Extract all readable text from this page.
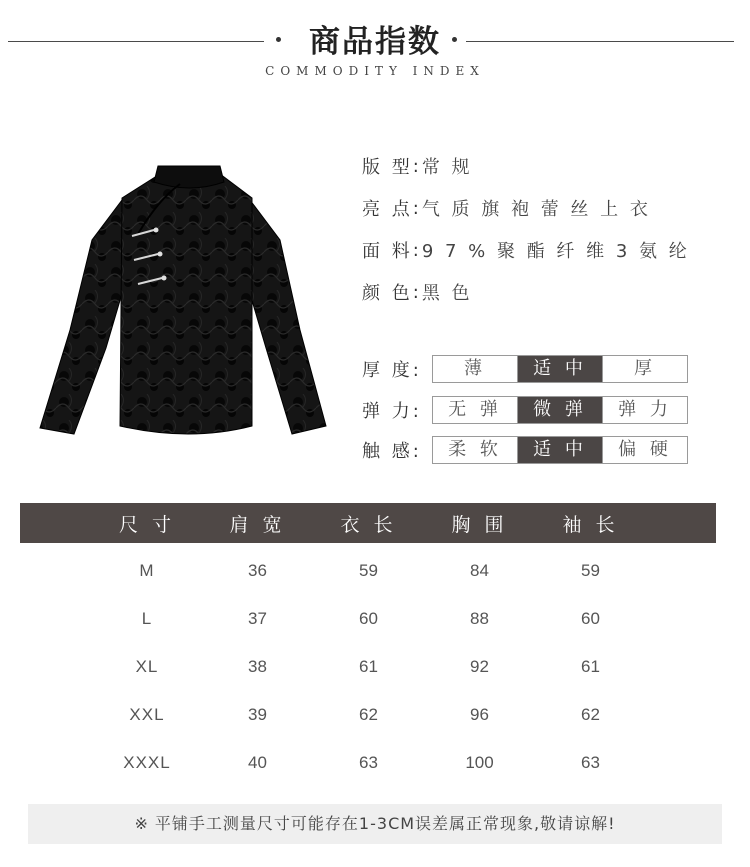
商品指数
COMMODITY INDEX
版 型 : 常 规
亮 点 : 气 质 旗 袍 蕾 丝 上 衣
面 料 : 9 7 % 聚 酯 纤 维 3 氨 纶
颜 色 : 黑 色
厚 度:	薄	适 中	厚
弹 力:	无 弹	微 弹	弹 力
触 感:	柔 软	适 中	偏 硬
尺 寸	肩 宽	衣 长	胸 围	袖 长
M	36	59	84	59
L	37	60	88	60
XL	38	61	92	61
XXL	39	62	96	62
XXXL	40	63	100	63
※ 平铺手工测量尺寸可能存在1-3CM误差属正常现象,敬请谅解!
